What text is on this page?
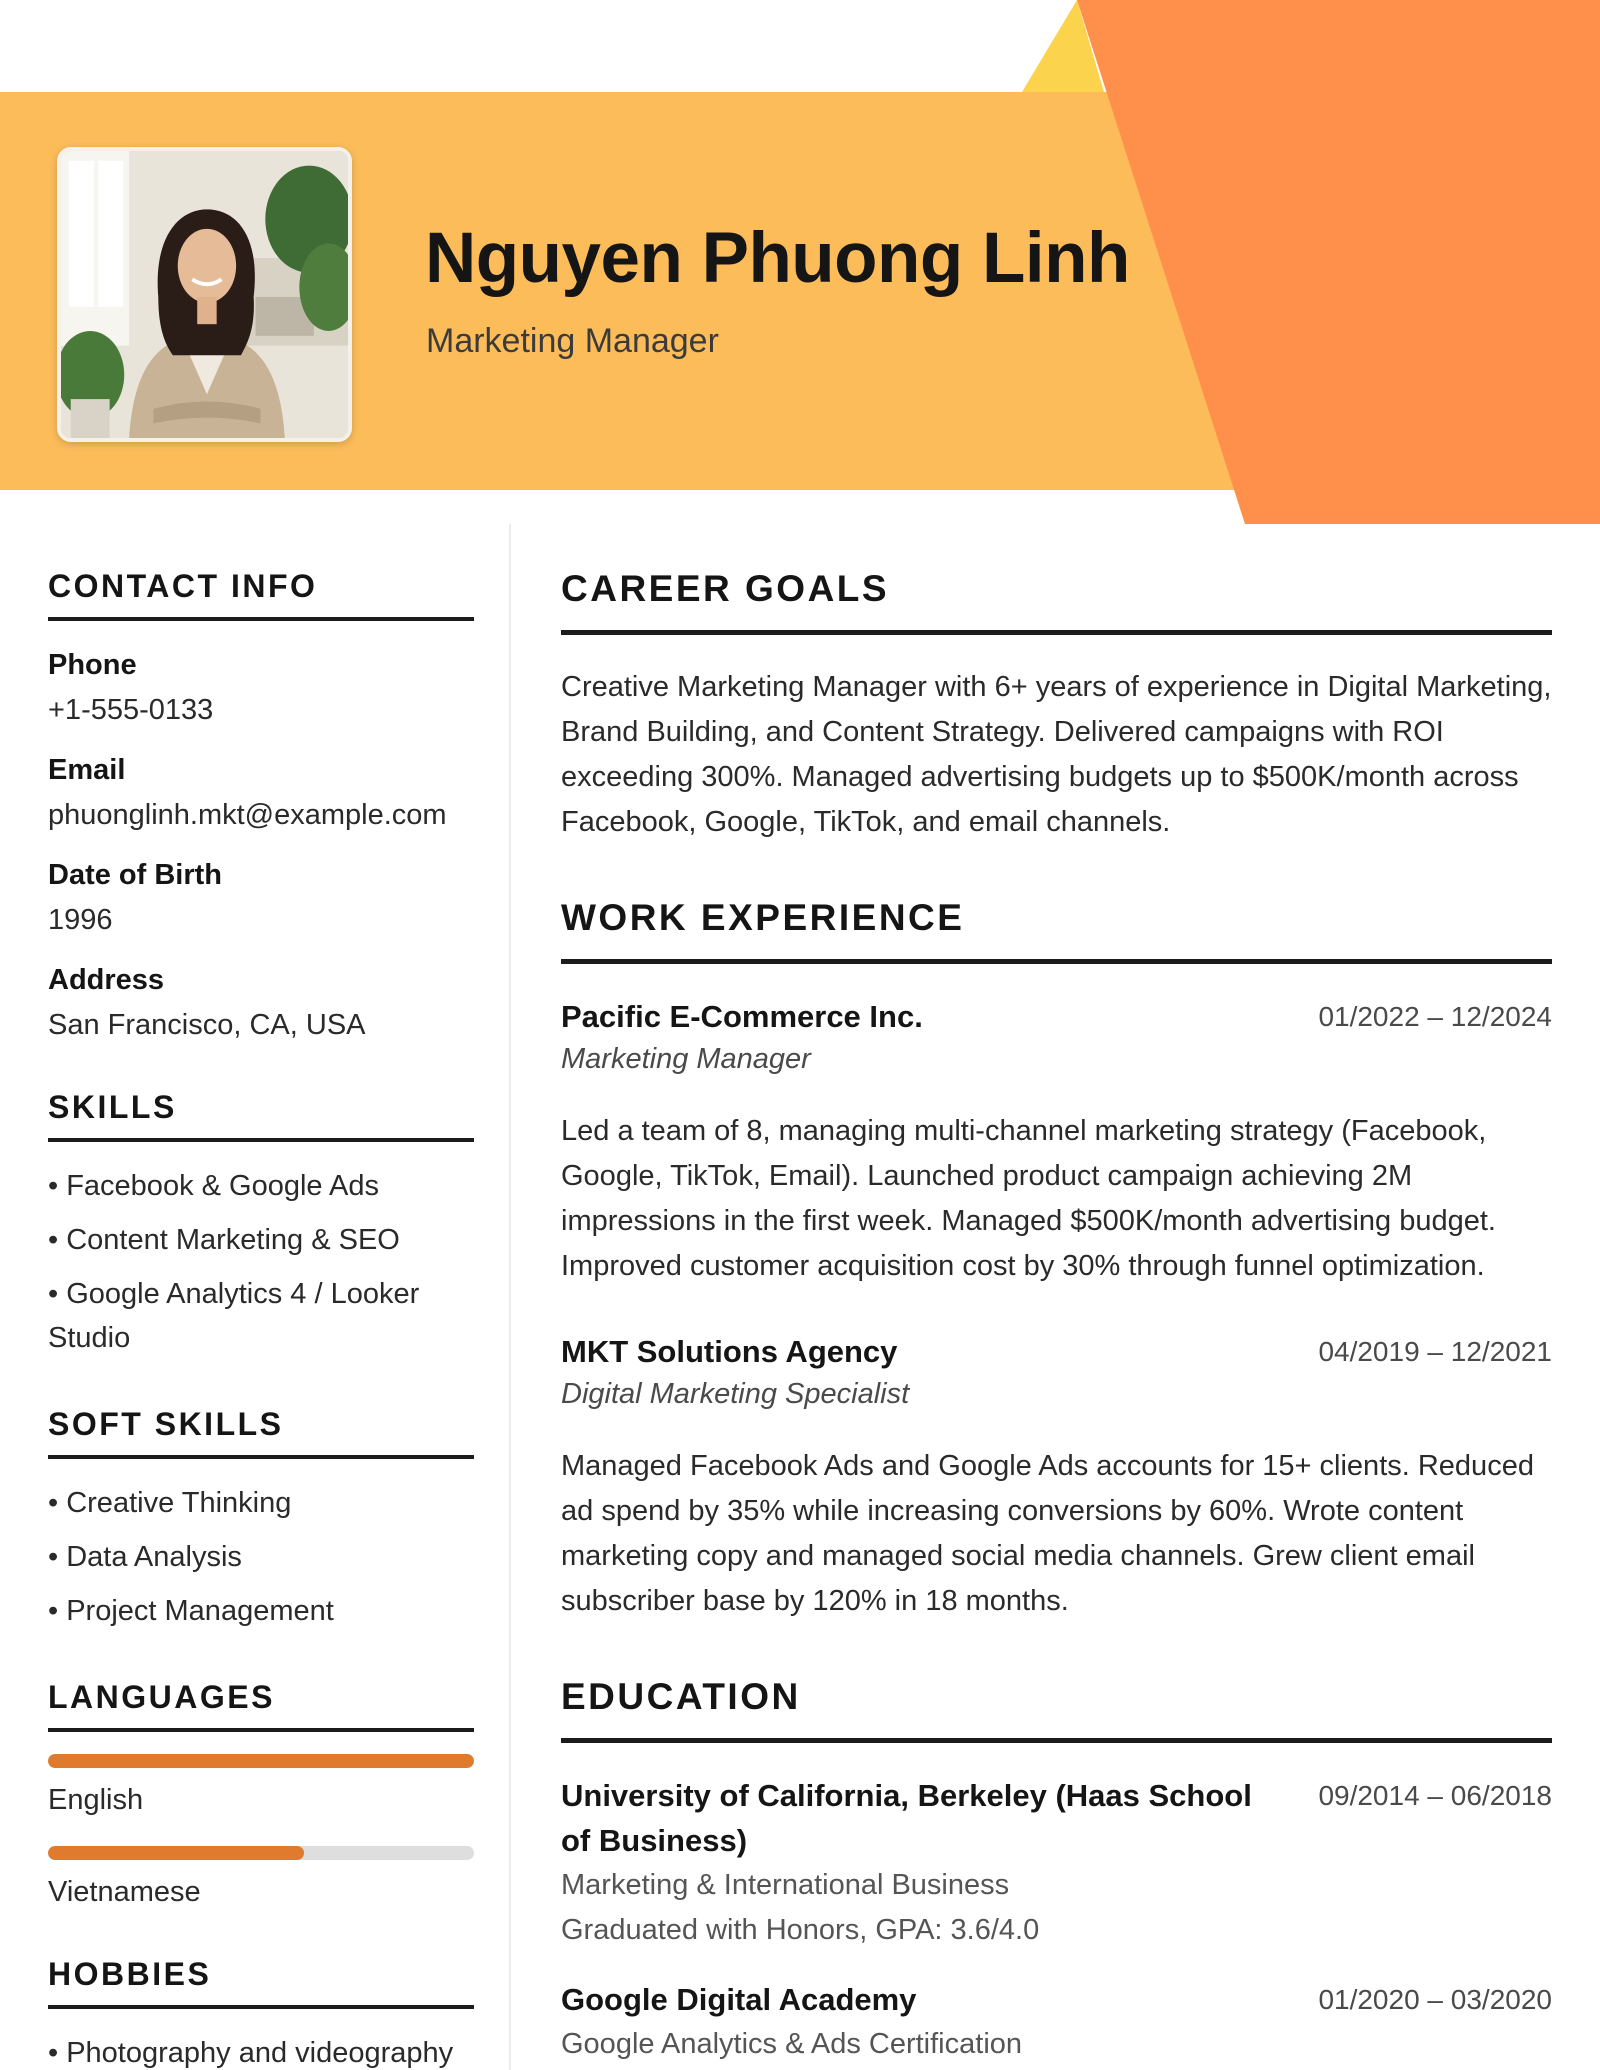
Nguyen Phuong Linh
Marketing Manager
CONTACT INFO
Phone
+1-555-0133
Email
phuonglinh.mkt@example.com
Date of Birth
1996
Address
San Francisco, CA, USA
SKILLS
• Facebook & Google Ads
• Content Marketing & SEO
• Google Analytics 4 / Looker Studio
SOFT SKILLS
• Creative Thinking
• Data Analysis
• Project Management
LANGUAGES
English
Vietnamese
HOBBIES
• Photography and videography
CAREER GOALS
Creative Marketing Manager with 6+ years of experience in Digital Marketing, Brand Building, and Content Strategy. Delivered campaigns with ROI exceeding 300%. Managed advertising budgets up to $500K/month across Facebook, Google, TikTok, and email channels.
WORK EXPERIENCE
Pacific E-Commerce Inc.	01/2022 – 12/2024
Marketing Manager
Led a team of 8, managing multi-channel marketing strategy (Facebook, Google, TikTok, Email). Launched product campaign achieving 2M impressions in the first week. Managed $500K/month advertising budget. Improved customer acquisition cost by 30% through funnel optimization.
MKT Solutions Agency	04/2019 – 12/2021
Digital Marketing Specialist
Managed Facebook Ads and Google Ads accounts for 15+ clients. Reduced ad spend by 35% while increasing conversions by 60%. Wrote content marketing copy and managed social media channels. Grew client email subscriber base by 120% in 18 months.
EDUCATION
University of California, Berkeley (Haas School of Business)
09/2014 – 06/2018
Marketing & International Business
Graduated with Honors, GPA: 3.6/4.0
Google Digital Academy	01/2020 – 03/2020
Google Analytics & Ads Certification
